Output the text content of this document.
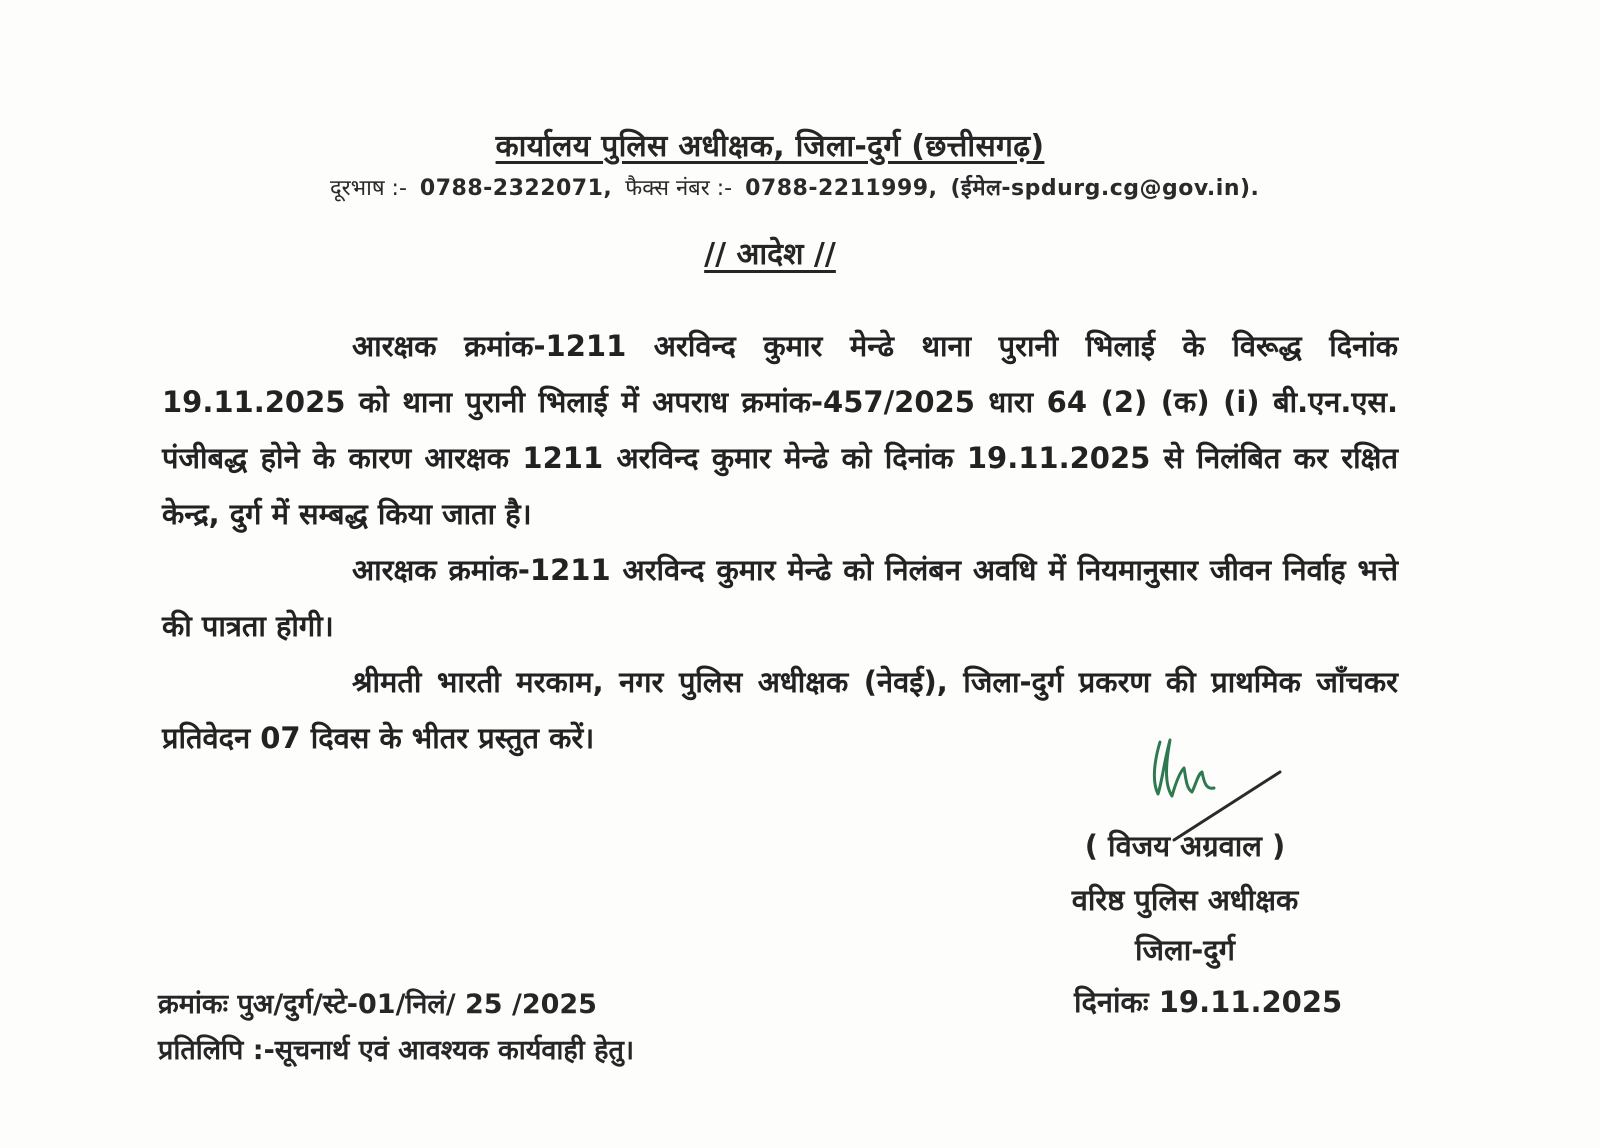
कार्यालय पुलिस अधीक्षक, जिला-दुर्ग (छत्तीसगढ़)
दूरभाष :- 0788-2322071, फैक्स नंबर :- 0788-2211999, (ईमेल-spdurg.cg@gov.in).
// आदेश //

आरक्षक क्रमांक-1211 अरविन्द कुमार मेन्ढे थाना पुरानी भिलाई के विरूद्ध दिनांक 19.11.2025 को थाना पुरानी भिलाई में अपराध क्रमांक-457/2025 धारा 64 (2) (क) (i) बी.एन.एस. पंजीबद्ध होने के कारण आरक्षक 1211 अरविन्द कुमार मेन्ढे को दिनांक 19.11.2025 से निलंबित कर रक्षित केन्द्र, दुर्ग में सम्बद्ध किया जाता है।

आरक्षक क्रमांक-1211 अरविन्द कुमार मेन्ढे को निलंबन अवधि में नियमानुसार जीवन निर्वाह भत्ते की पात्रता होगी।

श्रीमती भारती मरकाम, नगर पुलिस अधीक्षक (नेवई), जिला-दुर्ग प्रकरण की प्राथमिक जाँचकर प्रतिवेदन 07 दिवस के भीतर प्रस्तुत करें।

( विजय अग्रवाल )
वरिष्ठ पुलिस अधीक्षक
जिला-दुर्ग
क्रमांकः पुअ/दुर्ग/स्टे-01/निलं/ 25 /2025
प्रतिलिपि :-सूचनार्थ एवं आवश्यक कार्यवाही हेतु।
दिनांकः 19.11.2025
